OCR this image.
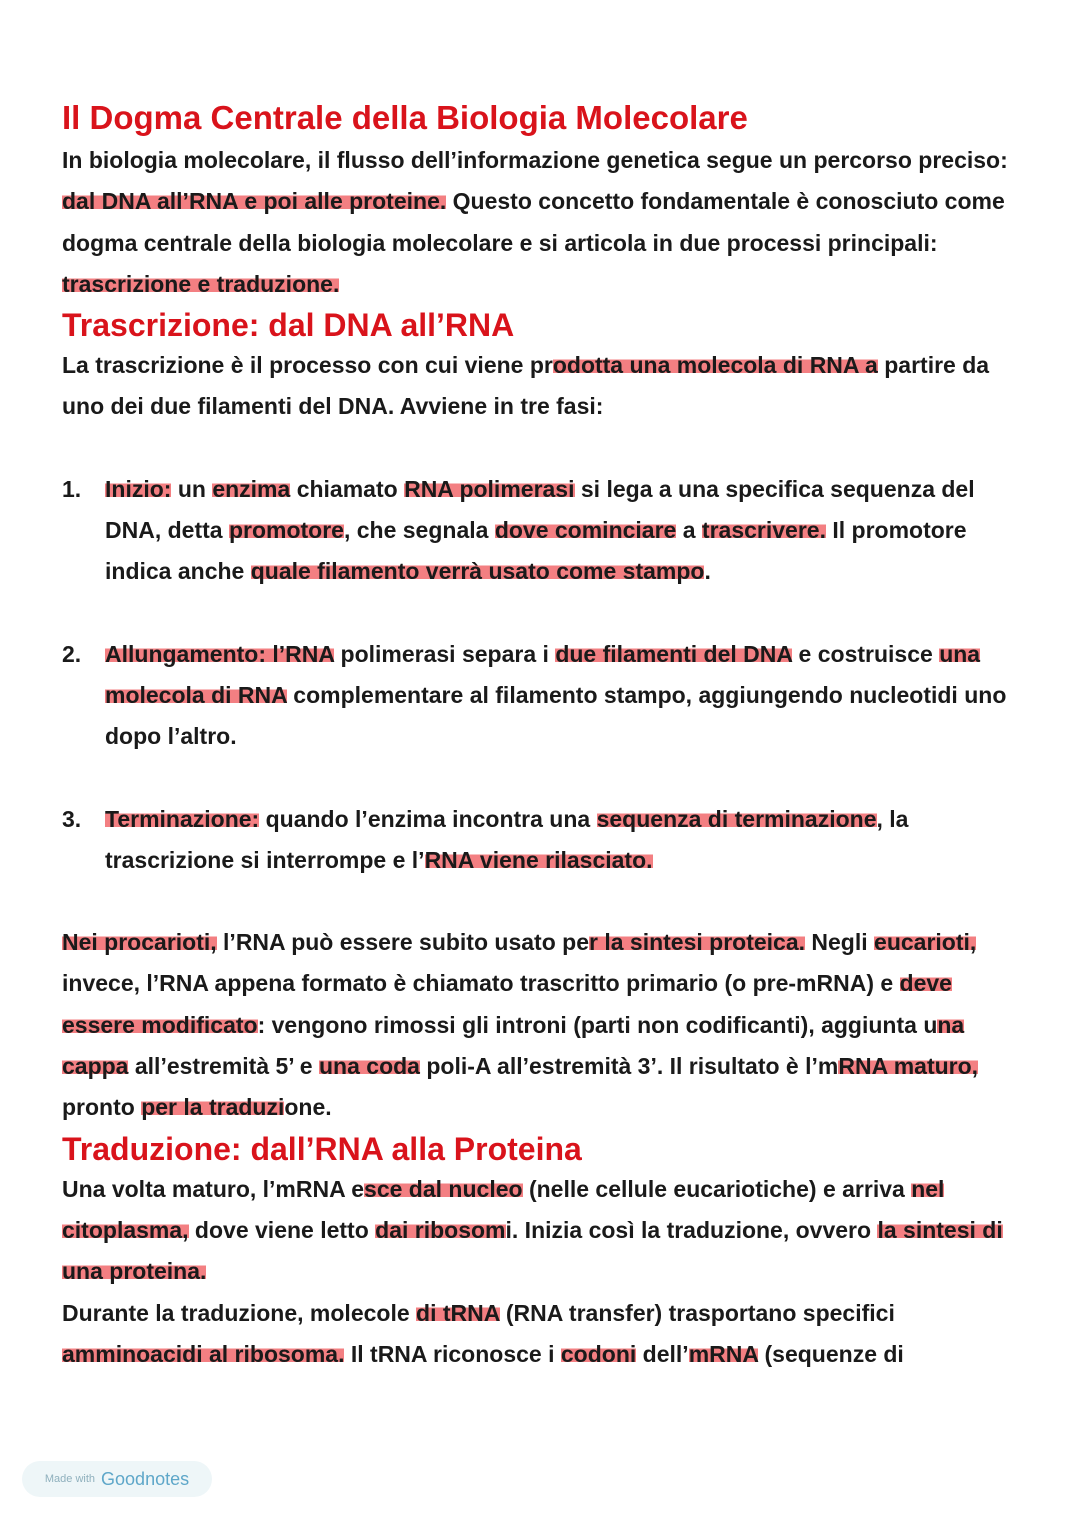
Il Dogma Centrale della Biologia Molecolare

In biologia molecolare, il flusso dell’informazione genetica segue un percorso preciso: dal DNA all’RNA e poi alle proteine. Questo concetto fondamentale è conosciuto come dogma centrale della biologia molecolare e si articola in due processi principali: trascrizione e traduzione.

Trascrizione: dal DNA all’RNA

La trascrizione è il processo con cui viene prodotta una molecola di RNA a partire da uno dei due filamenti del DNA. Avviene in tre fasi:

1. Inizio: un enzima chiamato RNA polimerasi si lega a una specifica sequenza del DNA, detta promotore, che segnala dove cominciare a trascrivere. Il promotore indica anche quale filamento verrà usato come stampo.
2. Allungamento: l’RNA polimerasi separa i due filamenti del DNA e costruisce una molecola di RNA complementare al filamento stampo, aggiungendo nucleotidi uno dopo l’altro.
3. Terminazione: quando l’enzima incontra una sequenza di terminazione, la trascrizione si interrompe e l’RNA viene rilasciato.

Nei procarioti, l’RNA può essere subito usato per la sintesi proteica. Negli eucarioti, invece, l’RNA appena formato è chiamato trascritto primario (o pre-mRNA) e deve essere modificato: vengono rimossi gli introni (parti non codificanti), aggiunta una cappa all’estremità 5’ e una coda poli-A all’estremità 3’. Il risultato è l’mRNA maturo, pronto per la traduzione.

Traduzione: dall’RNA alla Proteina

Una volta maturo, l’mRNA esce dal nucleo (nelle cellule eucariotiche) e arriva nel citoplasma, dove viene letto dai ribosomi. Inizia così la traduzione, ovvero la sintesi di una proteina.

Durante la traduzione, molecole di tRNA (RNA transfer) trasportano specifici amminoacidi al ribosoma. Il tRNA riconosce i codoni dell’mRNA (sequenze di

Made with Goodnotes
